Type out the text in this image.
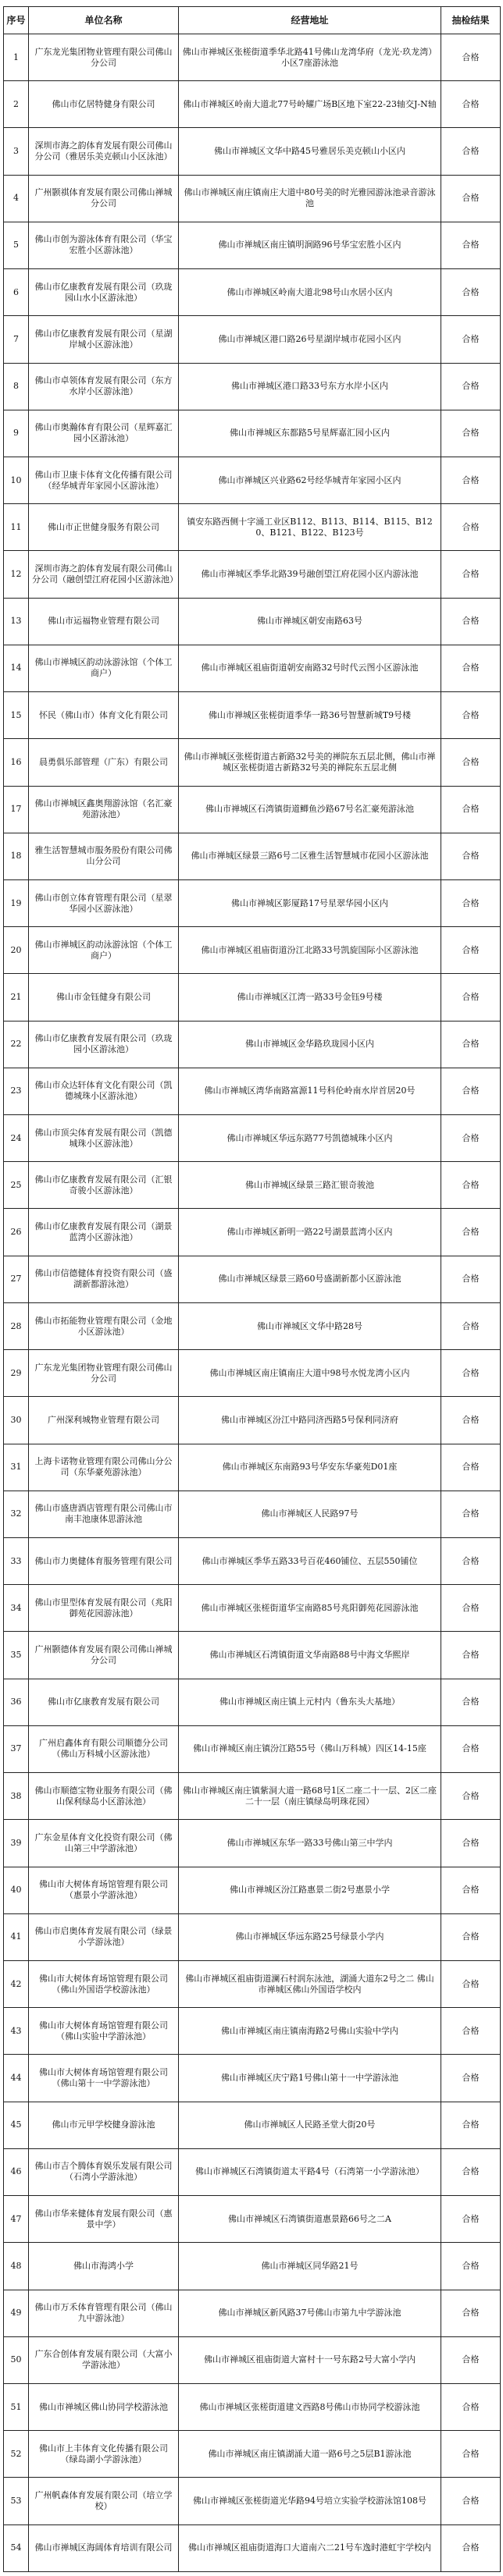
序号	单位名称	经营地址	抽检结果
1	广东龙光集团物业管理有限公司佛山分公司	佛山市禅城区张槎街道季华北路41号佛山龙湾华府（龙光·玖龙湾）小区7座游泳池	合格
2	佛山市亿居特健身有限公司	佛山市禅城区岭南大道北77号岭耀广场B区地下室22-23轴交J-N轴	合格
3	深圳市海之韵体育发展有限公司佛山分公司（雅居乐美克顿山小区泳池）	佛山市禅城区文华中路45号雅居乐美克顿山小区内	合格
4	广州颢祺体育发展有限公司佛山禅城分公司	佛山市禅城区南庄镇南庄大道中80号美的时光雅园游泳池录音游泳池	合格
5	佛山市创为游泳体育有限公司（华宝宏胜小区游泳池）	佛山市禅城区南庄镇明涧路96号华宝宏胜小区内	合格
6	佛山市亿康教育发展有限公司（玖珑园山水小区游泳池）	佛山市禅城区岭南大道北98号山水居小区内	合格
7	佛山市亿康教育发展有限公司（星湖岸城小区游泳池）	佛山市禅城区港口路26号星湖岸城市花园小区内	合格
8	佛山市卓领体育发展有限公司（东方水岸小区游泳池）	佛山市禅城区港口路33号东方水岸小区内	合格
9	佛山市奥瀚体育有限公司（星辉嘉汇园小区游泳池）	佛山市禅城区东都路5号星辉嘉汇园小区内	合格
10	佛山市卫康卡体育文化传播有限公司（经华城青年家园小区游泳池）	佛山市禅城区兴业路62号经华城青年家园小区内	合格
11	佛山市正世健身服务有限公司	镇安东路西侧十字涌工业区B112、B113、B114、B115、B120、B121、B122、B123号	合格
12	深圳市海之韵体育发展有限公司佛山分公司（融创望江府花园小区游泳池）	佛山市禅城区季华北路39号融创望江府花园小区内游泳池	合格
13	佛山市运福物业管理有限公司	佛山市禅城区朝安南路63号	合格
14	佛山市禅城区韵动泳游泳馆（个体工商户）	佛山市禅城区祖庙街道朝安南路32号时代云图小区游泳池	合格
15	怀民（佛山市）体育文化有限公司	佛山市禅城区张槎街道季华一路36号智慧新城T9号楼	合格
16	晨勇俱乐部管理（广东）有限公司	佛山市禅城区张槎街道古新路32号美的禅院东五层北侧，佛山市禅城区张槎街道古新路32号美的禅院东五层北侧	合格
17	佛山市禅城区鑫奥翔游泳馆（名汇豪苑游泳池）	佛山市禅城区石湾镇街道鲫鱼沙路67号名汇豪苑游泳池	合格
18	雅生活智慧城市服务股份有限公司佛山分公司	佛山市禅城区绿景三路6号二区雅生活智慧城市花园小区游泳池	合格
19	佛山市创立体育管理有限公司（星翠华园小区游泳池）	佛山市禅城区影厦路17号星翠华园小区内	合格
20	佛山市禅城区韵动泳游泳馆（个体工商户）	佛山市禅城区祖庙街道汾江北路33号凯旋国际小区游泳池	合格
21	佛山市金钰健身有限公司	佛山市禅城区江湾一路33号金钰9号楼	合格
22	佛山市亿康教育发展有限公司（玖珑园小区游泳池）	佛山市禅城区金华路玖珑园小区内	合格
23	佛山市众达轩体育文化有限公司（凯德城珠小区游泳池）	佛山市禅城区湾华南路富源11号科伦岭南水岸首居20号	合格
24	佛山市顶尖体育发展有限公司（凯德城珠小区游泳池）	佛山市禅城区华远东路77号凯德城珠小区内	合格
25	佛山市亿康教育发展有限公司（汇银奇骏小区游泳池）	佛山市禅城区绿景三路汇银奇骏池	合格
26	佛山市亿康教育发展有限公司（湖景蓝湾小区游泳池）	佛山市禅城区新明一路22号湖景蓝湾小区内	合格
27	佛山市信德健体育投资有限公司（盛湖新都游泳池）	佛山市禅城区绿景三路60号盛湖新都小区游泳池	合格
28	佛山市拓能物业管理有限公司（金地小区游泳池）	佛山市禅城区文华中路28号	合格
29	广东龙光集团物业管理有限公司佛山分公司	佛山市禅城区南庄镇南庄大道中98号水悦龙湾小区内	合格
30	广州深利城物业管理有限公司	佛山市禅城区汾江中路同济西路5号保利同济府	合格
31	上海卡诺物业管理有限公司佛山分公司（东华豪苑游泳池）	佛山市禅城区东南路93号华安东华豪苑D01座	合格
32	佛山市盛唐酒店管理有限公司佛山市南丰池康体思游泳池	佛山市禅城区人民路97号	合格
33	佛山市力奥健体育服务管理有限公司	佛山市禅城区季华五路33号百花460铺位、五层550铺位	合格
34	佛山市里型体育发展有限公司（兆阳御苑花园游泳池）	佛山市禅城区张槎街道华宝南路85号兆阳御苑花园游泳池	合格
35	广州颢德体育发展有限公司佛山禅城分公司	佛山市禅城区石湾镇街道文华南路88号中海文华熙岸	合格
36	佛山市亿康教育发展有限公司	佛山市禅城区南庄镇上元村内（鲁东头大基地）	合格
37	广州启鑫体育有限公司顺德分公司（佛山万科城小区游泳池）	佛山市禅城区南庄镇汾江路55号（佛山万科城）四区14-15座	合格
38	佛山市顺德宝物业服务有限公司（佛山保利绿岛小区游泳池）	佛山市禅城区南庄镇紫洞大道一路68号1区二座二十一层、2区二座二十一层（南庄镇绿岛明珠花园）	合格
39	广东金星体育文化投资有限公司（佛山第三中学游泳池）	佛山市禅城区东华一路33号佛山第三中学内	合格
40	佛山市大树体育场馆管理有限公司（惠景小学游泳池）	佛山市禅城区汾江路惠景二街2号惠景小学	合格
41	佛山市启奥体育发展有限公司（绿景小学游泳池）	佛山市禅城区华远东路25号绿景小学内	合格
42	佛山市大树体育场馆管理有限公司（佛山外国语学校游泳池）	佛山市禅城区祖庙街道澜石村润东泳池，湖涌大道东2号之二 佛山市禅城区佛山外国语学校内	合格
43	佛山市大树体育场馆管理有限公司（佛山实验中学游泳池）	佛山市禅城区南庄镇南海路2号佛山实验中学内	合格
44	佛山市大树体育场馆管理有限公司（佛山第十一中学游泳池）	佛山市禅城区庆宁路1号佛山第十一中学游泳池	合格
45	佛山市元甲学校健身游泳池	佛山市禅城区人民路圣堂大街20号	合格
46	佛山市吉个腾体育娱乐发展有限公司（石湾小学游泳池）	佛山市禅城区石湾镇街道太平路4号（石湾第一小学游泳池）	合格
47	佛山市华来健体育发展有限公司（惠景中学）	佛山市禅城区石湾镇街道惠景路66号之二A	合格
48	佛山市海鸿小学	佛山市禅城区同华路21号	合格
49	佛山市万禾体育管理有限公司（佛山九中游泳池）	佛山市禅城区新风路37号佛山市第九中学游泳池	合格
50	广东合创体育发展有限公司（大富小学游泳池）	佛山市禅城区祖庙街道大富村十一号东路2号大富小学内	合格
51	佛山市禅城区佛山协同学校游泳池	佛山市禅城区张槎街道建文西路8号佛山市协同学校游泳池	合格
52	佛山市上丰体育文化传播有限公司（绿岛湖小学游泳池）	佛山市禅城区南庄镇湖涌大道一路6号之5层B1游泳池	合格
53	广州帆森体育发展有限公司（培立学校）	佛山市禅城区张槎街道光华路94号培立实验学校游泳馆108号	合格
54	佛山市禅城区海阔体育培训有限公司	佛山市禅城区祖庙街道海口大道南六二21号车逸时港虹宇学校内	合格
